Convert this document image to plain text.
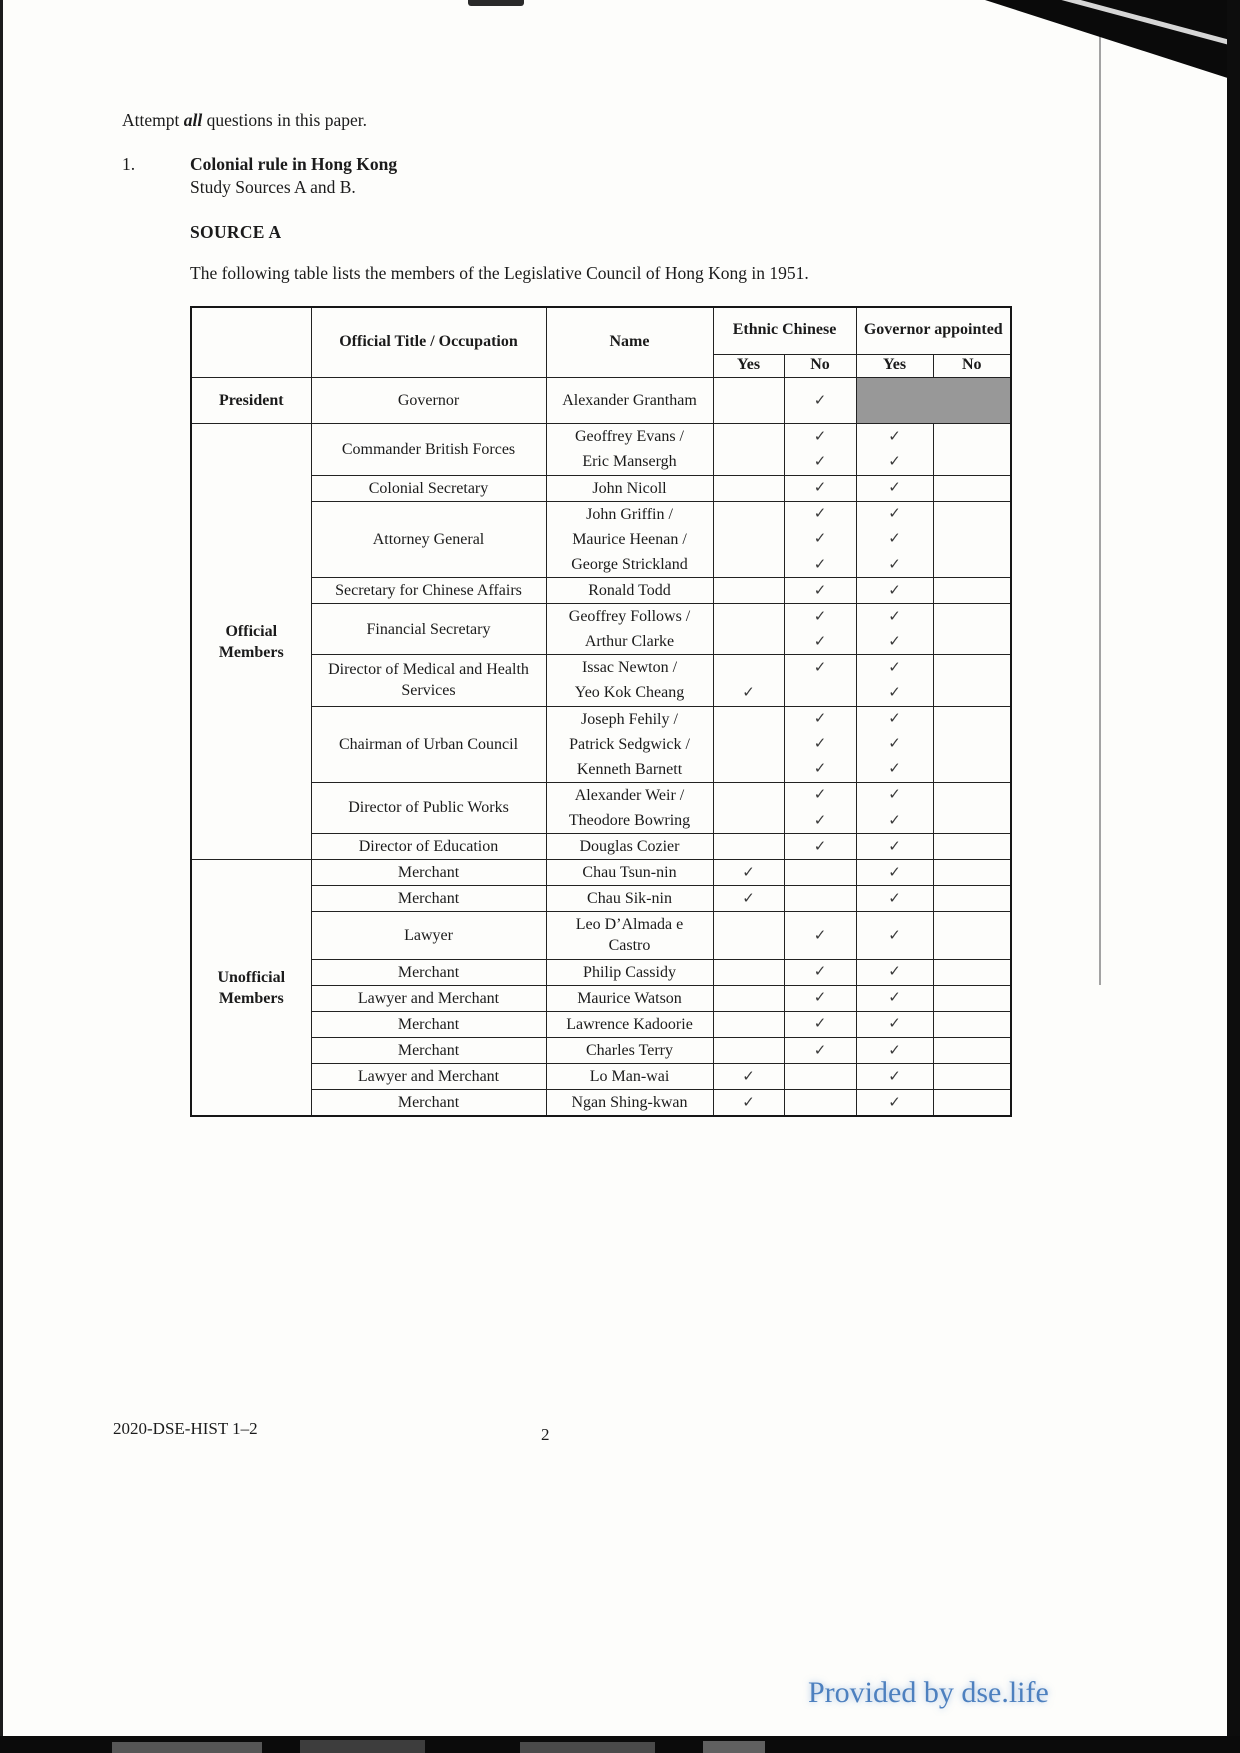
Attempt all questions in this paper.
1.	Colonial rule in Hong Kong
Study Sources A and B.
SOURCE A
The following table lists the members of the Legislative Council of Hong Kong in 1951.
	Official Title / Occupation	Name	Ethnic Chinese		Governor appointed	
			Yes	No	Yes	No
President	Governor	Alexander Grantham		✓		
Official Members	Commander British Forces	Geoffrey Evans /		✓	✓	
		Eric Mansergh		✓	✓	
	Colonial Secretary	John Nicoll		✓	✓	
	Attorney General	John Griffin /		✓	✓	
		Maurice Heenan /		✓	✓	
		George Strickland		✓	✓	
	Secretary for Chinese Affairs	Ronald Todd		✓	✓	
	Financial Secretary	Geoffrey Follows /		✓	✓	
		Arthur Clarke		✓	✓	
	Director of Medical and Health Services	Issac Newton /		✓	✓	
		Yeo Kok Cheang	✓		✓	
	Chairman of Urban Council	Joseph Fehily /		✓	✓	
		Patrick Sedgwick /		✓	✓	
		Kenneth Barnett		✓	✓	
	Director of Public Works	Alexander Weir /		✓	✓	
		Theodore Bowring		✓	✓	
	Director of Education	Douglas Cozier		✓	✓	
Unofficial Members	Merchant	Chau Tsun-nin	✓		✓	
	Merchant	Chau Sik-nin	✓		✓	
	Lawyer	Leo D’Almada e Castro		✓	✓	
	Merchant	Philip Cassidy		✓	✓	
	Lawyer and Merchant	Maurice Watson		✓	✓	
	Merchant	Lawrence Kadoorie		✓	✓	
	Merchant	Charles Terry		✓	✓	
	Lawyer and Merchant	Lo Man-wai	✓		✓	
	Merchant	Ngan Shing-kwan	✓		✓	
2020-DSE-HIST 1–2	2
Provided by dse.life
